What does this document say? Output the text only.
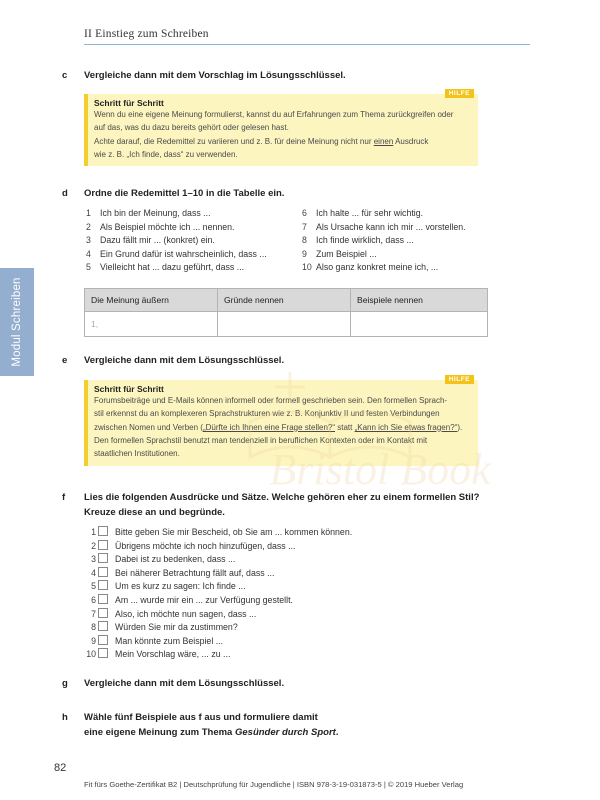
II Einstieg zum Schreiben
Modul Schreiben
c Vergleiche dann mit dem Vorschlag im Lösungsschlüssel.
HILFE
Schritt für Schritt
Wenn du eine eigene Meinung formulierst, kannst du auf Erfahrungen zum Thema zurückgreifen oder
auf das, was du dazu bereits gehört oder gelesen hast.
Achte darauf, die Redemittel zu variieren und z. B. für deine Meinung nicht nur einen Ausdruck
wie z. B. „Ich finde, dass“ zu verwenden.
d Ordne die Redemittel 1–10 in die Tabelle ein.
1 Ich bin der Meinung, dass ...
2 Als Beispiel möchte ich ... nennen.
3 Dazu fällt mir ... (konkret) ein.
4 Ein Grund dafür ist wahrscheinlich, dass ...
5 Vielleicht hat ... dazu geführt, dass ...
6 Ich halte ... für sehr wichtig.
7 Als Ursache kann ich mir ... vorstellen.
8 Ich finde wirklich, dass ...
9 Zum Beispiel ...
10 Also ganz konkret meine ich, ...
Die Meinung äußern	Gründe nennen	Beispiele nennen
1,		
e Vergleiche dann mit dem Lösungsschlüssel.
HILFE
Schritt für Schritt
Forumsbeiträge und E-Mails können informell oder formell geschrieben sein. Den formellen Sprach-
stil erkennst du an komplexeren Sprachstrukturen wie z. B. Konjunktiv II und festen Verbindungen
zwischen Nomen und Verben („Dürfte ich Ihnen eine Frage stellen?“ statt „Kann ich Sie etwas fragen?“).
Den formellen Sprachstil benutzt man tendenziell in beruflichen Kontexten oder im Kontakt mit
staatlichen Institutionen.	Bristol Book
f Lies die folgenden Ausdrücke und Sätze. Welche gehören eher zu einem formellen Stil?
Kreuze diese an und begründe.
1 Bitte geben Sie mir Bescheid, ob Sie am ... kommen können.
2 Übrigens möchte ich noch hinzufügen, dass ...
3 Dabei ist zu bedenken, dass ...
4 Bei näherer Betrachtung fällt auf, dass ...
5 Um es kurz zu sagen: Ich finde ...
6 Am ... wurde mir ein ... zur Verfügung gestellt.
7 Also, ich möchte nun sagen, dass ...
8 Würden Sie mir da zustimmen?
9 Man könnte zum Beispiel ...
10 Mein Vorschlag wäre, ... zu ...
g Vergleiche dann mit dem Lösungsschlüssel.
h Wähle fünf Beispiele aus f aus und formuliere damit
eine eigene Meinung zum Thema Gesünder durch Sport.
82
Fit fürs Goethe-Zertifikat B2 | Deutschprüfung für Jugendliche | ISBN 978-3-19-031873-5 | © 2019 Hueber Verlag
